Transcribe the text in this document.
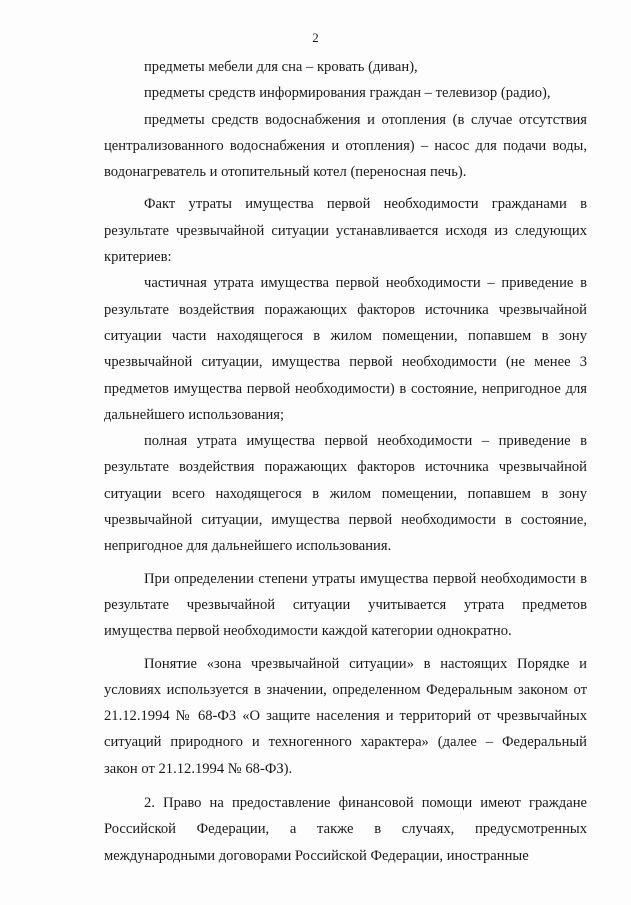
2

предметы мебели для сна – кровать (диван),

предметы средств информирования граждан – телевизор (радио),

предметы средств водоснабжения и отопления (в случае отсутствия централизованного водоснабжения и отопления) – насос для подачи воды, водонагреватель и отопительный котел (переносная печь).

Факт утраты имущества первой необходимости гражданами в результате чрезвычайной ситуации устанавливается исходя из следующих критериев:

частичная утрата имущества первой необходимости – приведение в результате воздействия поражающих факторов источника чрезвычайной ситуации части находящегося в жилом помещении, попавшем в зону чрезвычайной ситуации, имущества первой необходимости (не менее 3 предметов имущества первой необходимости) в состояние, непригодное для дальнейшего использования;

полная утрата имущества первой необходимости – приведение в результате воздействия поражающих факторов источника чрезвычайной ситуации всего находящегося в жилом помещении, попавшем в зону чрезвычайной ситуации, имущества первой необходимости в состояние, непригодное для дальнейшего использования.

При определении степени утраты имущества первой необходимости в результате чрезвычайной ситуации учитывается утрата предметов имущества первой необходимости каждой категории однократно.

Понятие «зона чрезвычайной ситуации» в настоящих Порядке и условиях используется в значении, определенном Федеральным законом от 21.12.1994 № 68-ФЗ «О защите населения и территорий от чрезвычайных ситуаций природного и техногенного характера» (далее – Федеральный закон от 21.12.1994 № 68-ФЗ).

2. Право на предоставление финансовой помощи имеют граждане Российской Федерации, а также в случаях, предусмотренных международными договорами Российской Федерации, иностранные
